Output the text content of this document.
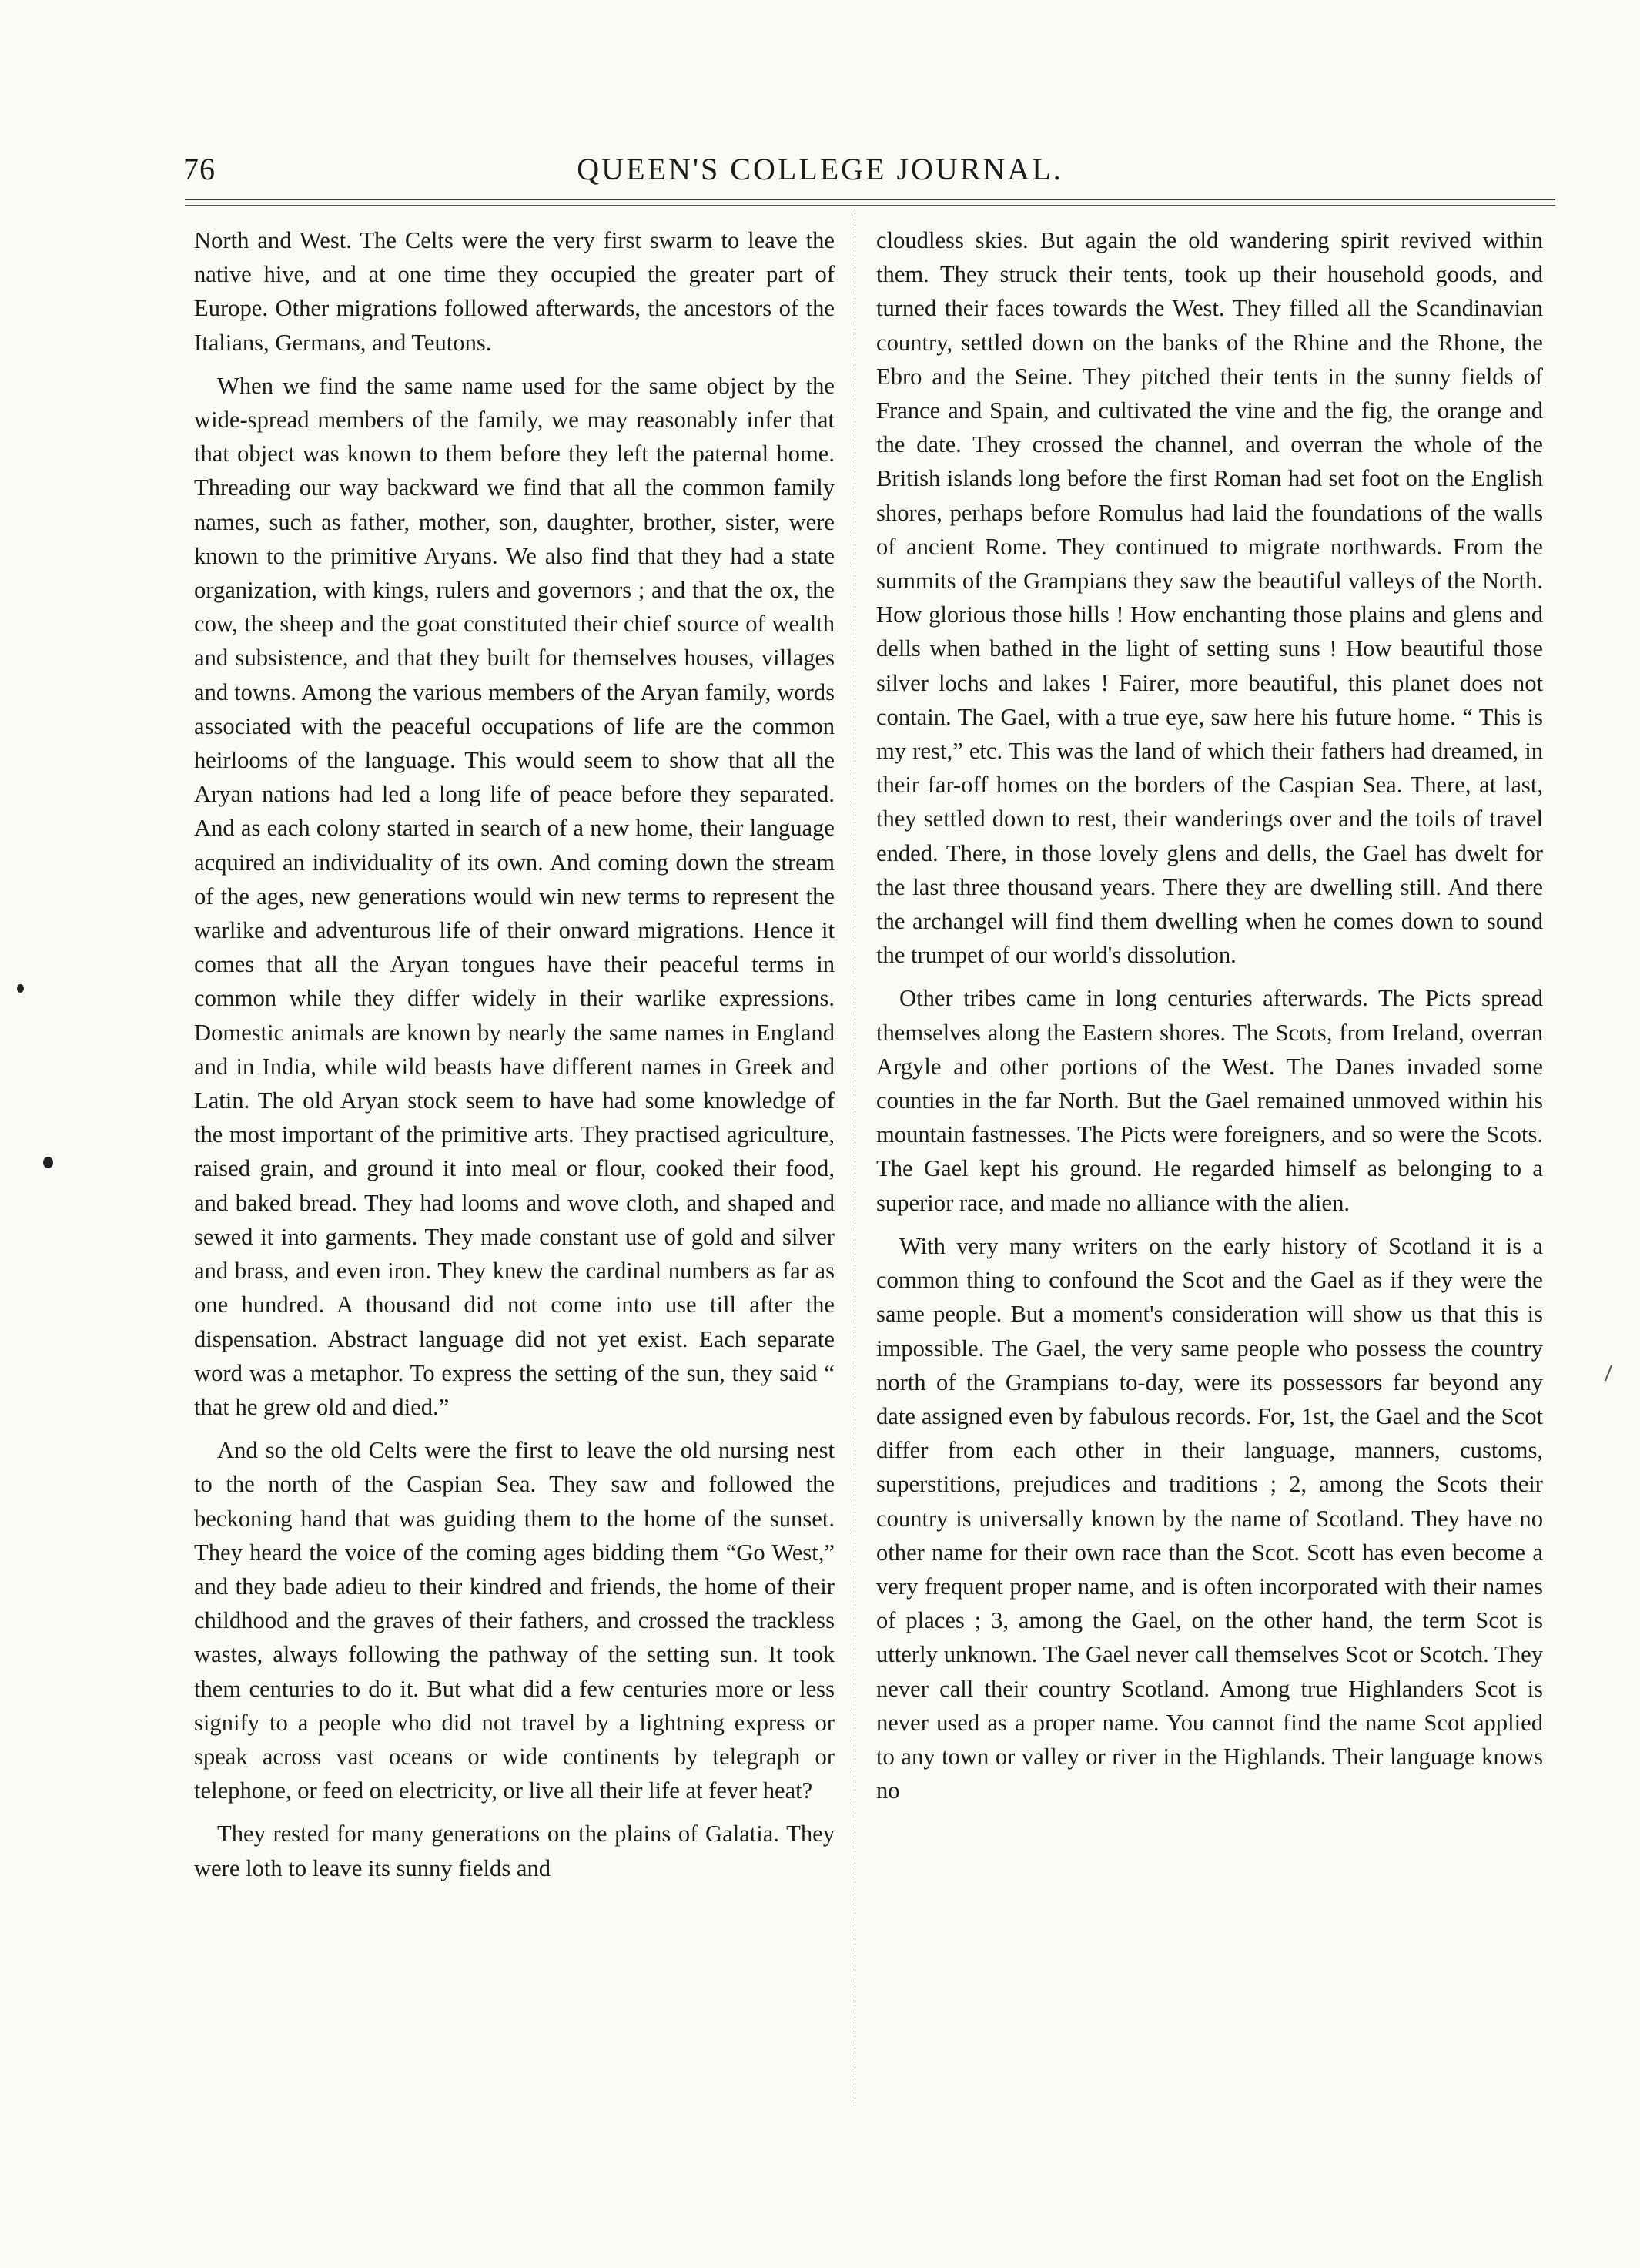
76	QUEEN'S COLLEGE JOURNAL.

North and West. The Celts were the very first swarm to leave the native hive, and at one time they occupied the greater part of Europe. Other migrations followed afterwards, the ancestors of the Italians, Germans, and Teutons.

When we find the same name used for the same object by the wide-spread members of the family, we may reasonably infer that that object was known to them before they left the paternal home. Threading our way backward we find that all the common family names, such as father, mother, son, daughter, brother, sister, were known to the primitive Aryans. We also find that they had a state organization, with kings, rulers and governors ; and that the ox, the cow, the sheep and the goat constituted their chief source of wealth and subsistence, and that they built for themselves houses, villages and towns. Among the various members of the Aryan family, words associated with the peaceful occupations of life are the common heirlooms of the language. This would seem to show that all the Aryan nations had led a long life of peace before they separated. And as each colony started in search of a new home, their language acquired an individuality of its own. And coming down the stream of the ages, new generations would win new terms to represent the warlike and adventurous life of their onward migrations. Hence it comes that all the Aryan tongues have their peaceful terms in common while they differ widely in their warlike expressions. Domestic animals are known by nearly the same names in England and in India, while wild beasts have different names in Greek and Latin. The old Aryan stock seem to have had some knowledge of the most important of the primitive arts. They practised agriculture, raised grain, and ground it into meal or flour, cooked their food, and baked bread. They had looms and wove cloth, and shaped and sewed it into garments. They made constant use of gold and silver and brass, and even iron. They knew the cardinal numbers as far as one hundred. A thousand did not come into use till after the dispensation. Abstract language did not yet exist. Each separate word was a metaphor. To express the setting of the sun, they said “ that he grew old and died.”

And so the old Celts were the first to leave the old nursing nest to the north of the Caspian Sea. They saw and followed the beckoning hand that was guiding them to the home of the sunset. They heard the voice of the coming ages bidding them “Go West,” and they bade adieu to their kindred and friends, the home of their childhood and the graves of their fathers, and crossed the trackless wastes, always following the pathway of the setting sun. It took them centuries to do it. But what did a few centuries more or less signify to a people who did not travel by a lightning express or speak across vast oceans or wide continents by telegraph or telephone, or feed on electricity, or live all their life at fever heat?

They rested for many generations on the plains of Galatia. They were loth to leave its sunny fields and

cloudless skies. But again the old wandering spirit revived within them. They struck their tents, took up their household goods, and turned their faces towards the West. They filled all the Scandinavian country, settled down on the banks of the Rhine and the Rhone, the Ebro and the Seine. They pitched their tents in the sunny fields of France and Spain, and cultivated the vine and the fig, the orange and the date. They crossed the channel, and overran the whole of the British islands long before the first Roman had set foot on the English shores, perhaps before Romulus had laid the foundations of the walls of ancient Rome. They continued to migrate northwards. From the summits of the Grampians they saw the beautiful valleys of the North. How glorious those hills ! How enchanting those plains and glens and dells when bathed in the light of setting suns ! How beautiful those silver lochs and lakes ! Fairer, more beautiful, this planet does not contain. The Gael, with a true eye, saw here his future home. “ This is my rest,” etc. This was the land of which their fathers had dreamed, in their far-off homes on the borders of the Caspian Sea. There, at last, they settled down to rest, their wanderings over and the toils of travel ended. There, in those lovely glens and dells, the Gael has dwelt for the last three thousand years. There they are dwelling still. And there the archangel will find them dwelling when he comes down to sound the trumpet of our world's dissolution.

Other tribes came in long centuries afterwards. The Picts spread themselves along the Eastern shores. The Scots, from Ireland, overran Argyle and other portions of the West. The Danes invaded some counties in the far North. But the Gael remained unmoved within his mountain fastnesses. The Picts were foreigners, and so were the Scots. The Gael kept his ground. He regarded himself as belonging to a superior race, and made no alliance with the alien.

With very many writers on the early history of Scotland it is a common thing to confound the Scot and the Gael as if they were the same people. But a moment's consideration will show us that this is impossible. The Gael, the very same people who possess the country north of the Grampians to-day, were its possessors far beyond any date assigned even by fabulous records. For, 1st, the Gael and the Scot differ from each other in their language, manners, customs, superstitions, prejudices and traditions ; 2, among the Scots their country is universally known by the name of Scotland. They have no other name for their own race than the Scot. Scott has even become a very frequent proper name, and is often incorporated with their names of places ; 3, among the Gael, on the other hand, the term Scot is utterly unknown. The Gael never call themselves Scot or Scotch. They never call their country Scotland. Among true Highlanders Scot is never used as a proper name. You cannot find the name Scot applied to any town or valley or river in the Highlands. Their language knows no
